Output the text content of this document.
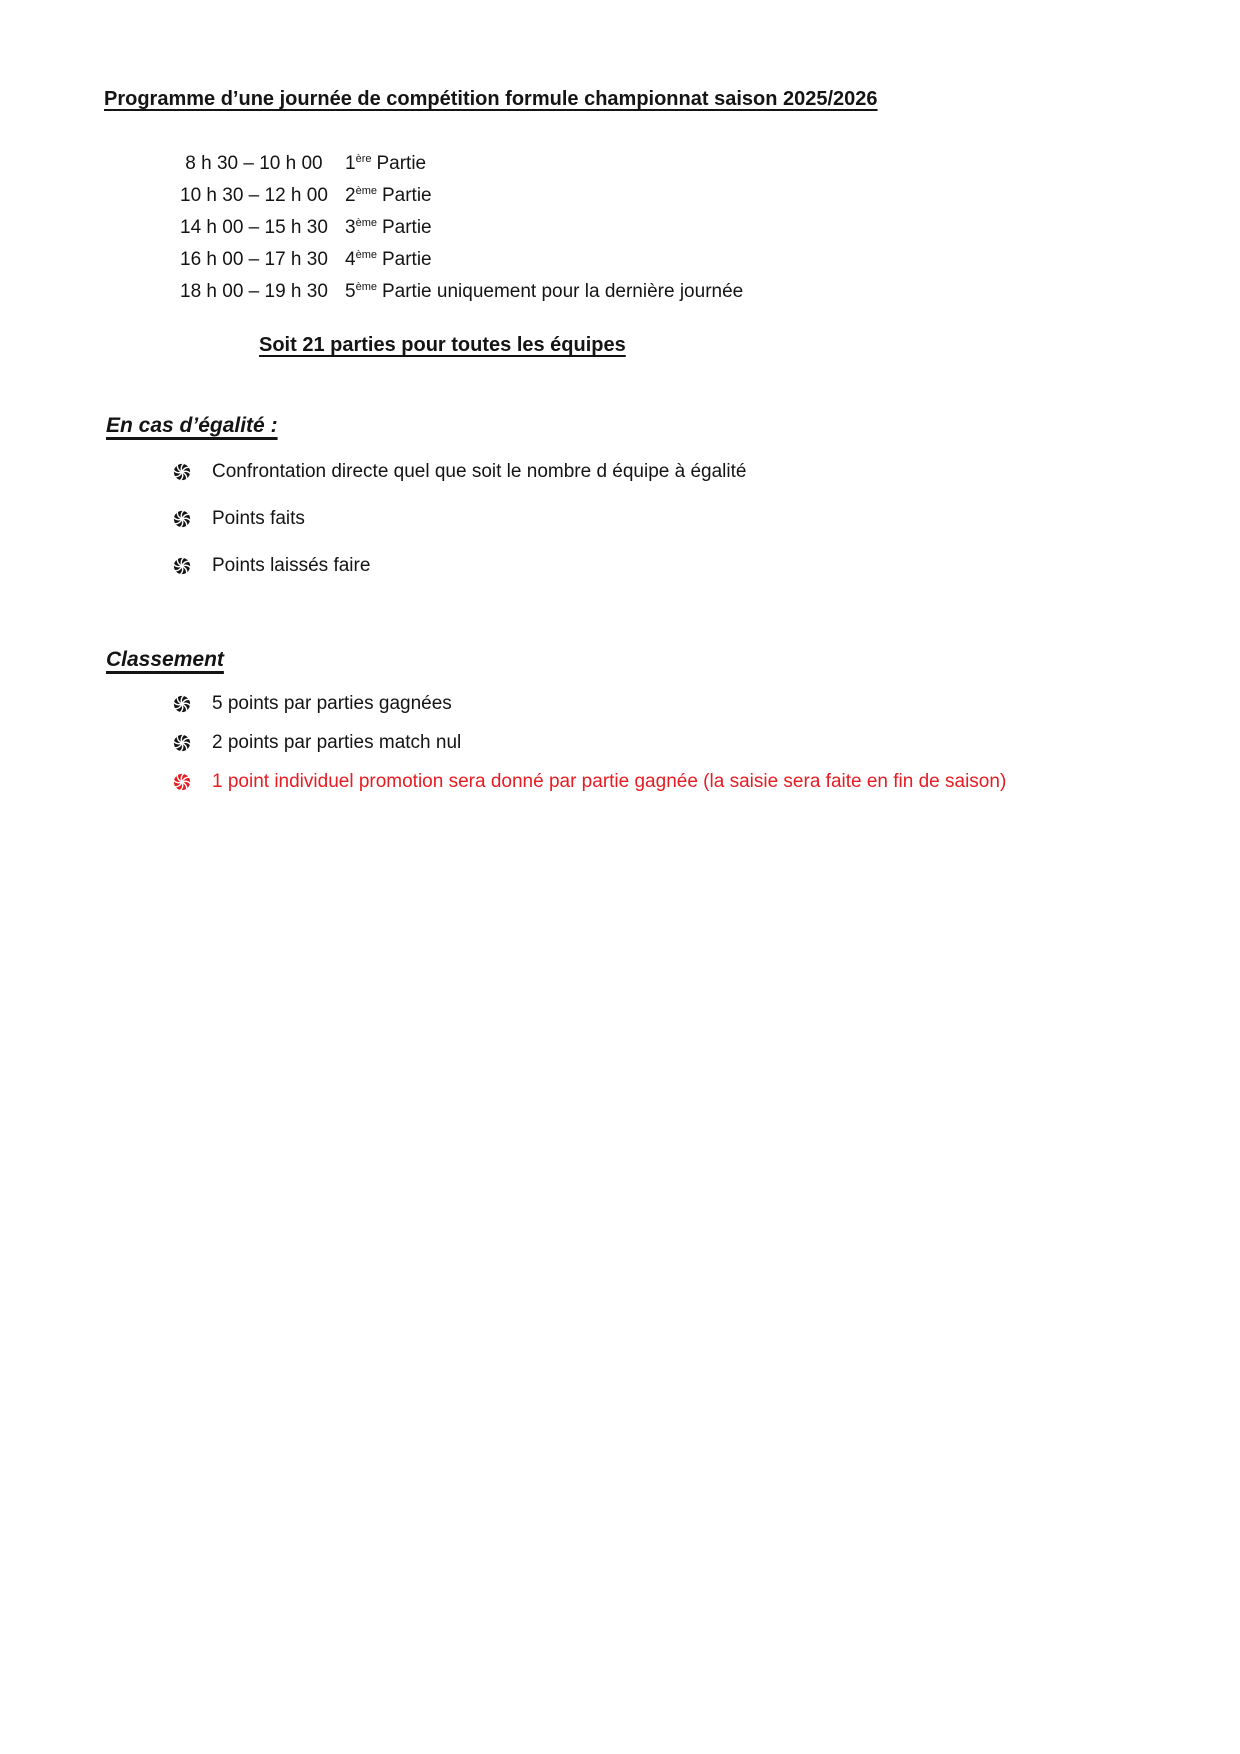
Programme d’une journée de compétition formule championnat saison 2025/2026
8 h 30 – 10 h 00	1ère Partie
10 h 30 – 12 h 00 2ème Partie
14 h 00 – 15 h 30 3ème Partie
16 h 00 – 17 h 30 4ème Partie
18 h 00 – 19 h 30 5ème Partie uniquement pour la dernière journée
Soit 21 parties pour toutes les équipes
En cas d’égalité :
Confrontation directe quel que soit le nombre d équipe à égalité
Points faits
Points laissés faire
Classement
5 points par parties gagnées
2 points par parties match nul
1 point individuel promotion sera donné par partie gagnée (la saisie sera faite en fin de saison)
